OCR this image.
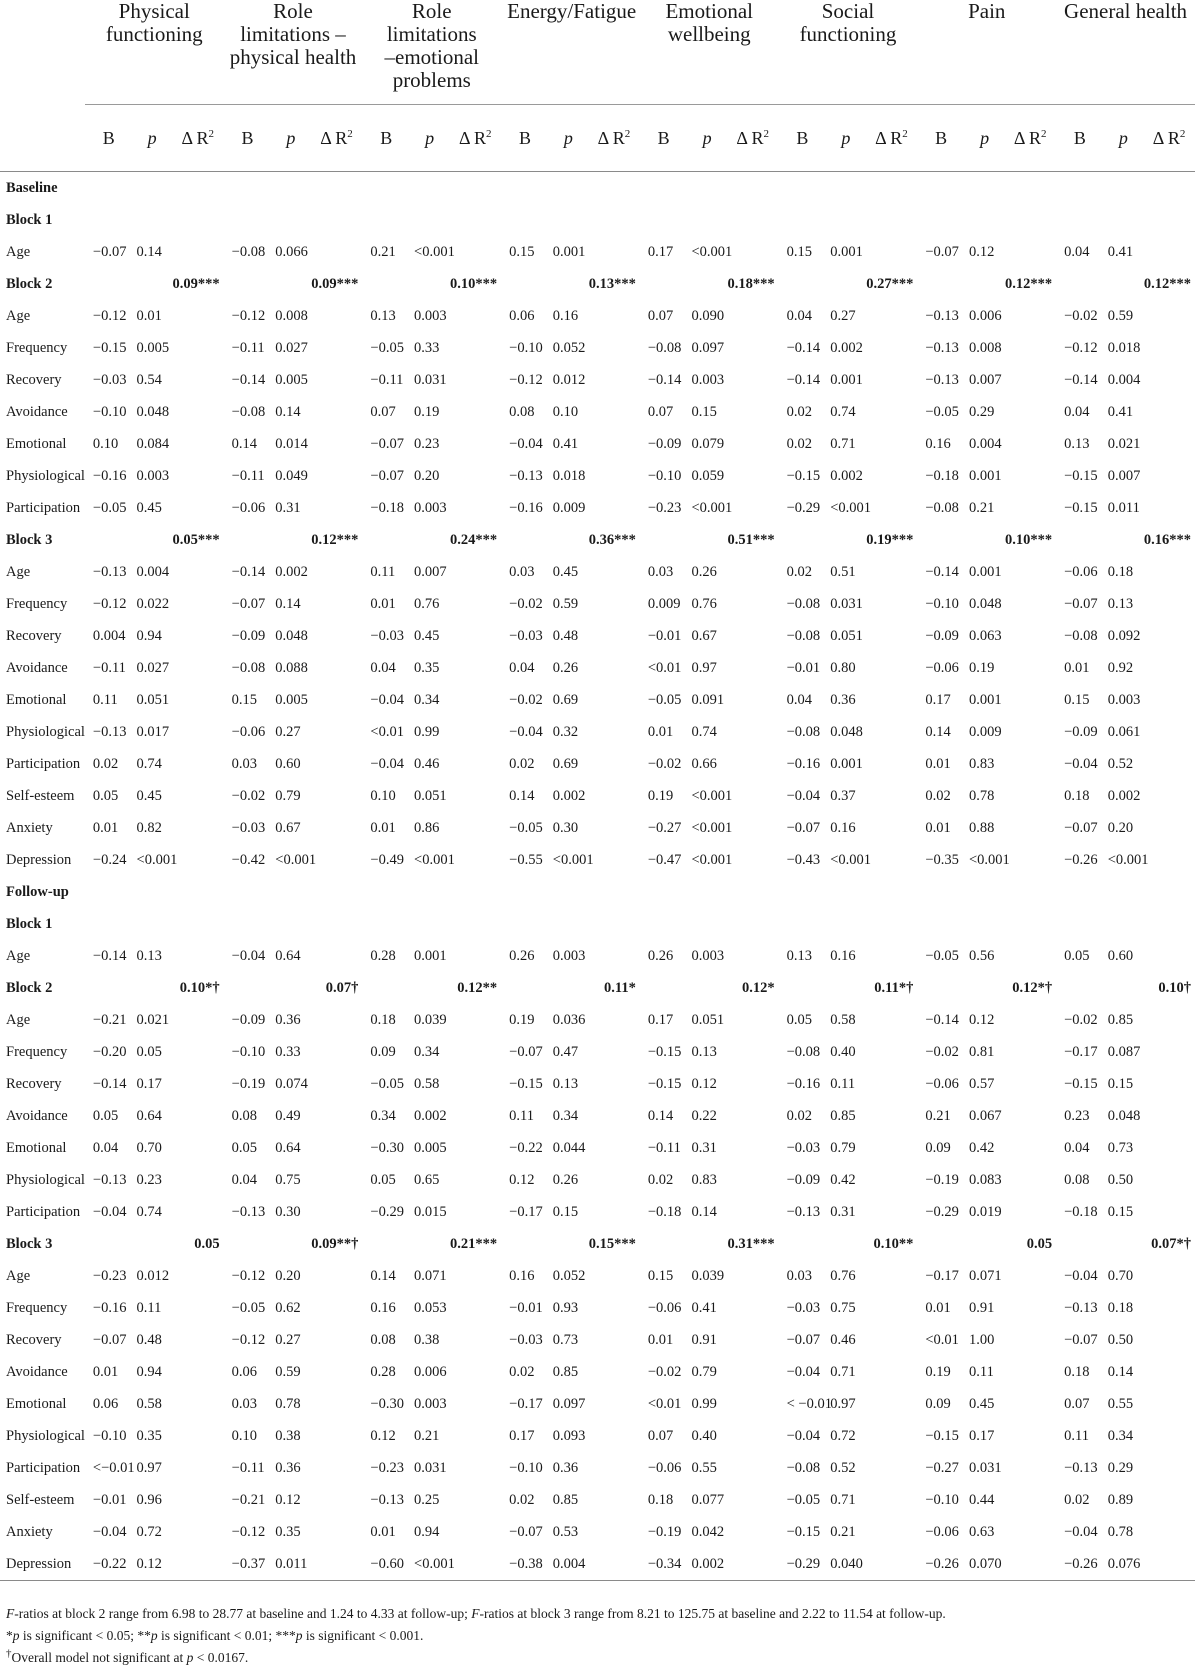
	Physical
functioning			Role
limitations –
physical health			Role
limitations
–emotional
problems			Energy/Fatigue			Emotional
wellbeing			Social
functioning			Pain			General health		

	B	p	Δ $R^2$	B	p	Δ $R^2$	B	p	Δ $R^2$	B	p	Δ $R^2$	B	p	Δ $R^2$	B	p	Δ $R^2$	B	p	Δ $R^2$	B	p	Δ $R^2$
Baseline																								
Block 1																								
Age	−0.07	0.14		−0.08	0.066		0.21	<0.001		0.15	0.001		0.17	<0.001		0.15	0.001		−0.07	0.12		0.04	0.41	
Block 2			0.09***			0.09***			0.10***			0.13***			0.18***			0.27***			0.12***			0.12***
Age	−0.12	0.01		−0.12	0.008		0.13	0.003		0.06	0.16		0.07	0.090		0.04	0.27		−0.13	0.006		−0.02	0.59	
Frequency	−0.15	0.005		−0.11	0.027		−0.05	0.33		−0.10	0.052		−0.08	0.097		−0.14	0.002		−0.13	0.008		−0.12	0.018	
Recovery	−0.03	0.54		−0.14	0.005		−0.11	0.031		−0.12	0.012		−0.14	0.003		−0.14	0.001		−0.13	0.007		−0.14	0.004	
Avoidance	−0.10	0.048		−0.08	0.14		0.07	0.19		0.08	0.10		0.07	0.15		0.02	0.74		−0.05	0.29		0.04	0.41	
Emotional	0.10	0.084		0.14	0.014		−0.07	0.23		−0.04	0.41		−0.09	0.079		0.02	0.71		0.16	0.004		0.13	0.021	
Physiological	−0.16	0.003		−0.11	0.049		−0.07	0.20		−0.13	0.018		−0.10	0.059		−0.15	0.002		−0.18	0.001		−0.15	0.007	
Participation	−0.05	0.45		−0.06	0.31		−0.18	0.003		−0.16	0.009		−0.23	<0.001		−0.29	<0.001		−0.08	0.21		−0.15	0.011	
Block 3			0.05***			0.12***			0.24***			0.36***			0.51***			0.19***			0.10***			0.16***
Age	−0.13	0.004		−0.14	0.002		0.11	0.007		0.03	0.45		0.03	0.26		0.02	0.51		−0.14	0.001		−0.06	0.18	
Frequency	−0.12	0.022		−0.07	0.14		0.01	0.76		−0.02	0.59		0.009	0.76		−0.08	0.031		−0.10	0.048		−0.07	0.13	
Recovery	0.004	0.94		−0.09	0.048		−0.03	0.45		−0.03	0.48		−0.01	0.67		−0.08	0.051		−0.09	0.063		−0.08	0.092	
Avoidance	−0.11	0.027		−0.08	0.088		0.04	0.35		0.04	0.26		<0.01	0.97		−0.01	0.80		−0.06	0.19		0.01	0.92	
Emotional	0.11	0.051		0.15	0.005		−0.04	0.34		−0.02	0.69		−0.05	0.091		0.04	0.36		0.17	0.001		0.15	0.003	
Physiological	−0.13	0.017		−0.06	0.27		<0.01	0.99		−0.04	0.32		0.01	0.74		−0.08	0.048		0.14	0.009		−0.09	0.061	
Participation	0.02	0.74		0.03	0.60		−0.04	0.46		0.02	0.69		−0.02	0.66		−0.16	0.001		0.01	0.83		−0.04	0.52	
Self-esteem	0.05	0.45		−0.02	0.79		0.10	0.051		0.14	0.002		0.19	<0.001		−0.04	0.37		0.02	0.78		0.18	0.002	
Anxiety	0.01	0.82		−0.03	0.67		0.01	0.86		−0.05	0.30		−0.27	<0.001		−0.07	0.16		0.01	0.88		−0.07	0.20	
Depression	−0.24	<0.001		−0.42	<0.001		−0.49	<0.001		−0.55	<0.001		−0.47	<0.001		−0.43	<0.001		−0.35	<0.001		−0.26	<0.001	
Follow-up																								
Block 1																								
Age	−0.14	0.13		−0.04	0.64		0.28	0.001		0.26	0.003		0.26	0.003		0.13	0.16		−0.05	0.56		0.05	0.60	
Block 2			0.10*†			0.07†			0.12**			0.11*			0.12*			0.11*†			0.12*†			0.10†
Age	−0.21	0.021		−0.09	0.36		0.18	0.039		0.19	0.036		0.17	0.051		0.05	0.58		−0.14	0.12		−0.02	0.85	
Frequency	−0.20	0.05		−0.10	0.33		0.09	0.34		−0.07	0.47		−0.15	0.13		−0.08	0.40		−0.02	0.81		−0.17	0.087	
Recovery	−0.14	0.17		−0.19	0.074		−0.05	0.58		−0.15	0.13		−0.15	0.12		−0.16	0.11		−0.06	0.57		−0.15	0.15	
Avoidance	0.05	0.64		0.08	0.49		0.34	0.002		0.11	0.34		0.14	0.22		0.02	0.85		0.21	0.067		0.23	0.048	
Emotional	0.04	0.70		0.05	0.64		−0.30	0.005		−0.22	0.044		−0.11	0.31		−0.03	0.79		0.09	0.42		0.04	0.73	
Physiological	−0.13	0.23		0.04	0.75		0.05	0.65		0.12	0.26		0.02	0.83		−0.09	0.42		−0.19	0.083		0.08	0.50	
Participation	−0.04	0.74		−0.13	0.30		−0.29	0.015		−0.17	0.15		−0.18	0.14		−0.13	0.31		−0.29	0.019		−0.18	0.15	
Block 3			0.05			0.09**†			0.21***			0.15***			0.31***			0.10**			0.05			0.07*†
Age	−0.23	0.012		−0.12	0.20		0.14	0.071		0.16	0.052		0.15	0.039		0.03	0.76		−0.17	0.071		−0.04	0.70	
Frequency	−0.16	0.11		−0.05	0.62		0.16	0.053		−0.01	0.93		−0.06	0.41		−0.03	0.75		0.01	0.91		−0.13	0.18	
Recovery	−0.07	0.48		−0.12	0.27		0.08	0.38		−0.03	0.73		0.01	0.91		−0.07	0.46		<0.01	1.00		−0.07	0.50	
Avoidance	0.01	0.94		0.06	0.59		0.28	0.006		0.02	0.85		−0.02	0.79		−0.04	0.71		0.19	0.11		0.18	0.14	
Emotional	0.06	0.58		0.03	0.78		−0.30	0.003		−0.17	0.097		<0.01	0.99		< −0.01	0.97		0.09	0.45		0.07	0.55	
Physiological	−0.10	0.35		0.10	0.38		0.12	0.21		0.17	0.093		0.07	0.40		−0.04	0.72		−0.15	0.17		0.11	0.34	
Participation	<−0.01	0.97		−0.11	0.36		−0.23	0.031		−0.10	0.36		−0.06	0.55		−0.08	0.52		−0.27	0.031		−0.13	0.29	
Self-esteem	−0.01	0.96		−0.21	0.12		−0.13	0.25		0.02	0.85		0.18	0.077		−0.05	0.71		−0.10	0.44		0.02	0.89	
Anxiety	−0.04	0.72		−0.12	0.35		0.01	0.94		−0.07	0.53		−0.19	0.042		−0.15	0.21		−0.06	0.63		−0.04	0.78	
Depression	−0.22	0.12		−0.37	0.011		−0.60	<0.001		−0.38	0.004		−0.34	0.002		−0.29	0.040		−0.26	0.070		−0.26	0.076	
F-ratios at block 2 range from 6.98 to 28.77 at baseline and 1.24 to 4.33 at follow-up; F-ratios at block 3 range from 8.21 to 125.75 at baseline and 2.22 to 11.54 at follow-up.
*p is significant < 0.05; **p is significant < 0.01; ***p is significant < 0.001.
†Overall model not significant at p < 0.0167.
